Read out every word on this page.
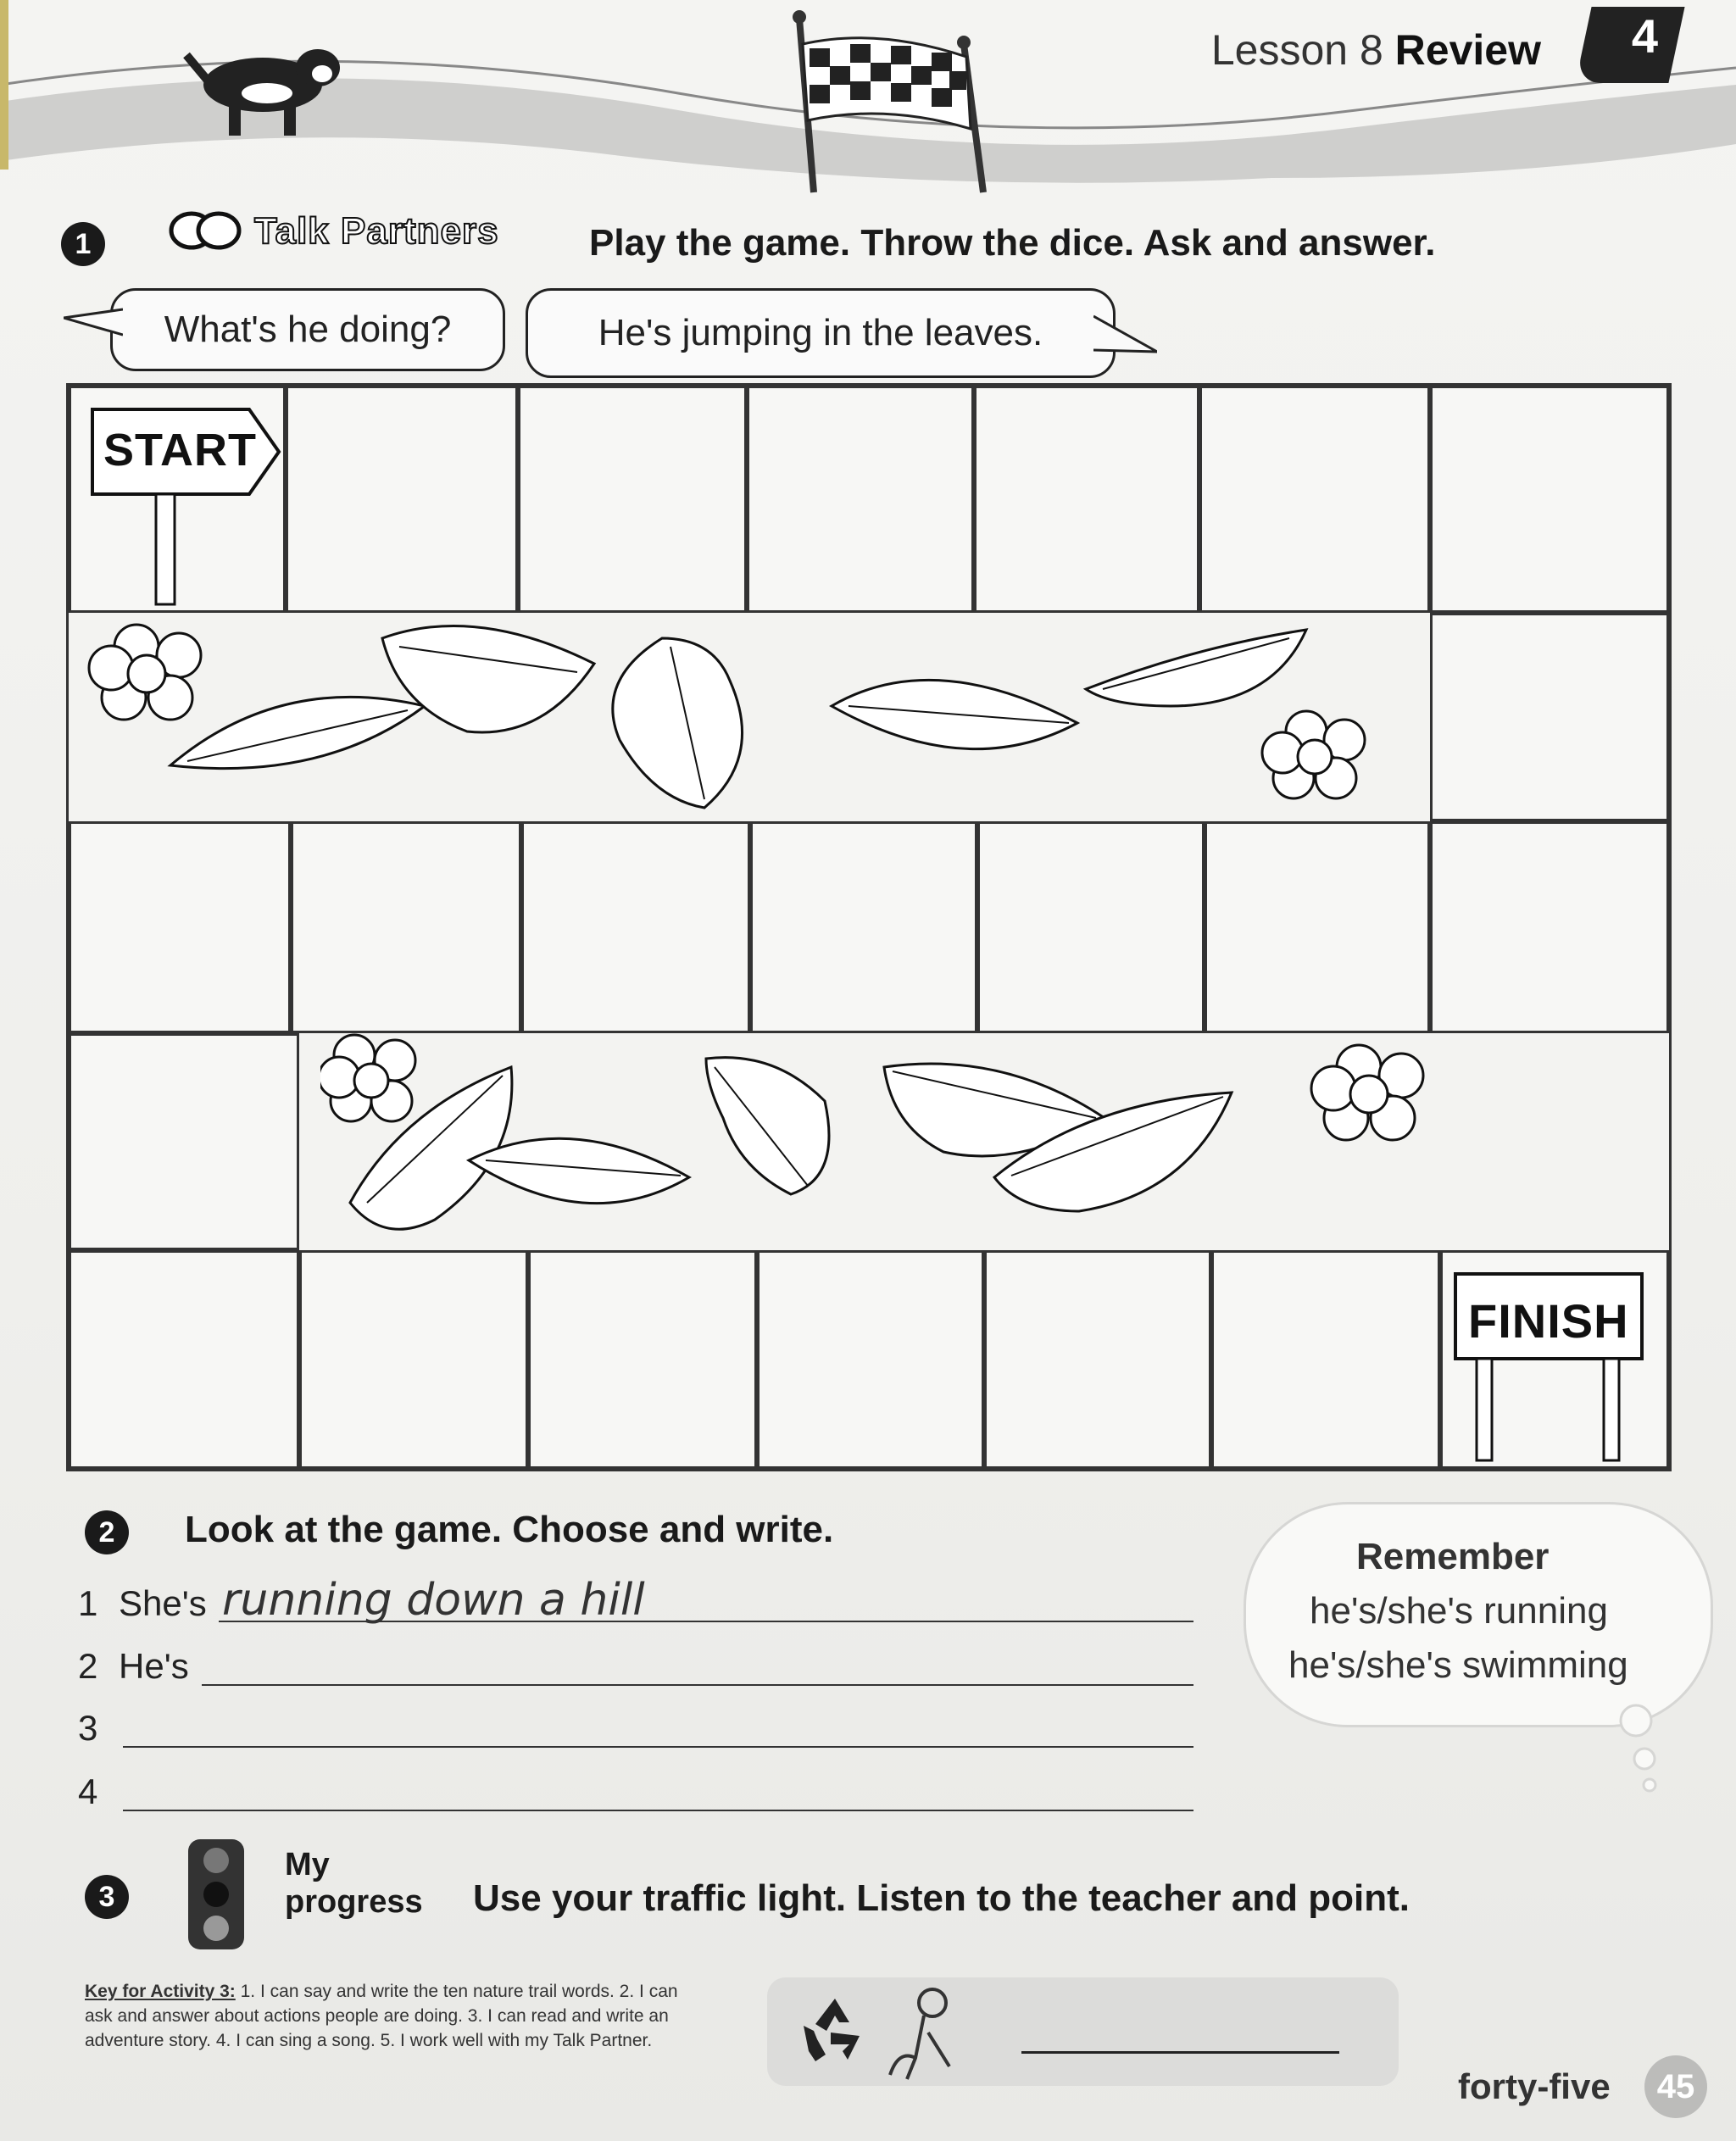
Lesson 8 Review 4
1	Talk Partners Play the game. Throw the dice. Ask and answer.
What's he doing?	He's jumping in the leaves.
START
FINISH
2	Look at the game. Choose and write.
1 She's running down a hill
2 He's
3
4
Remember
he's/she's running
he's/she's swimming
3
My
progress Use your traffic light. Listen to the teacher and point.
Key for Activity 3: 1. I can say and write the ten nature trail words. 2. I can ask and answer about actions people are doing. 3. I can read and write an adventure story. 4. I can sing a song. 5. I work well with my Talk Partner.
forty-five	45
